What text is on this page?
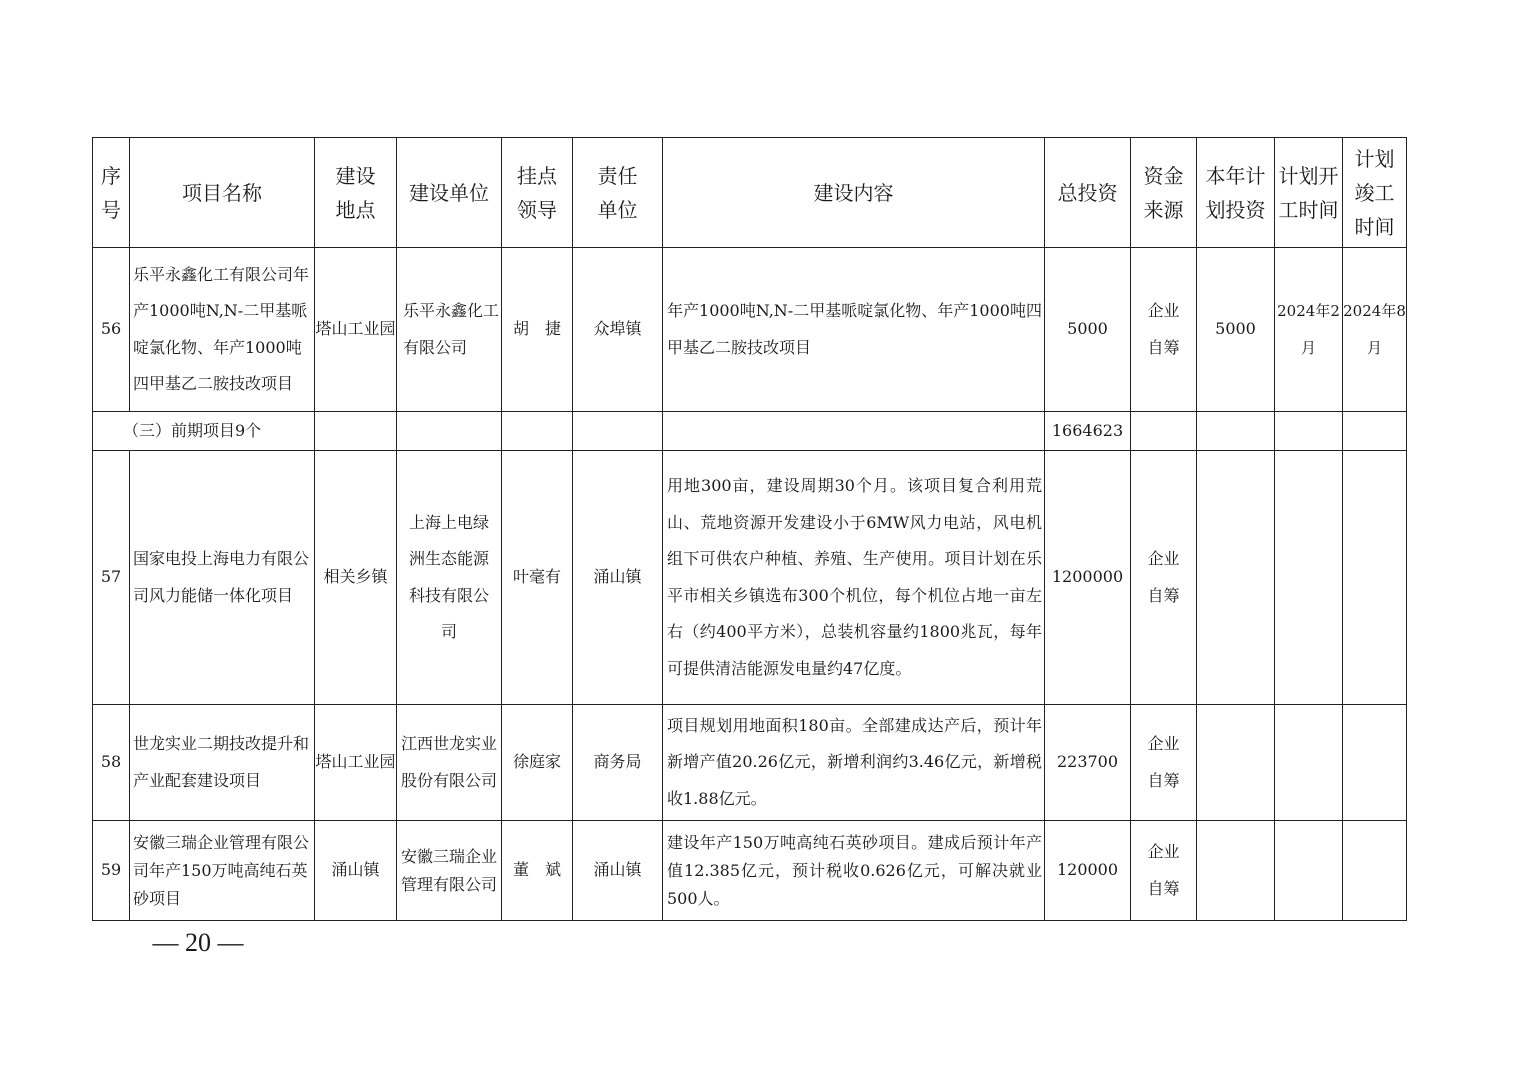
序号	项目名称	建设地点	建设单位	挂点领导	责任单位	建设内容	总投资	资金来源	本年计划投资	计划开工时间	计划竣工时间
56	乐平永鑫化工有限公司年产1000吨N,N-二甲基哌啶氯化物、年产1000吨四甲基乙二胺技改项目	塔山工业园	乐平永鑫化工有限公司	胡　捷	众埠镇	年产1000吨N,N-二甲基哌啶氯化物、年产1000吨四甲基乙二胺技改项目	5000	企业自筹	5000	2024年2月	2024年8月
（三）前期项目9个							1664623				
57	国家电投上海电力有限公司风力能储一体化项目	相关乡镇	上海上电绿洲生态能源科技有限公司	叶毫有	涌山镇	用地300亩，建设周期30个月。该项目复合利用荒山、荒地资源开发建设小于6MW风力电站，风电机组下可供农户种植、养殖、生产使用。项目计划在乐平市相关乡镇选布300个机位，每个机位占地一亩左右（约400平方米），总装机容量约1800兆瓦，每年可提供清洁能源发电量约47亿度。	1200000	企业自筹			
58	世龙实业二期技改提升和产业配套建设项目	塔山工业园	江西世龙实业股份有限公司	徐庭家	商务局	项目规划用地面积180亩。全部建成达产后，预计年新增产值20.26亿元，新增利润约3.46亿元，新增税收1.88亿元。	223700	企业自筹			
59	安徽三瑞企业管理有限公司年产150万吨高纯石英砂项目	涌山镇	安徽三瑞企业管理有限公司	董　斌	涌山镇	建设年产150万吨高纯石英砂项目。建成后预计年产值12.385亿元，预计税收0.626亿元，可解决就业500人。	120000	企业自筹			
— 20 —
